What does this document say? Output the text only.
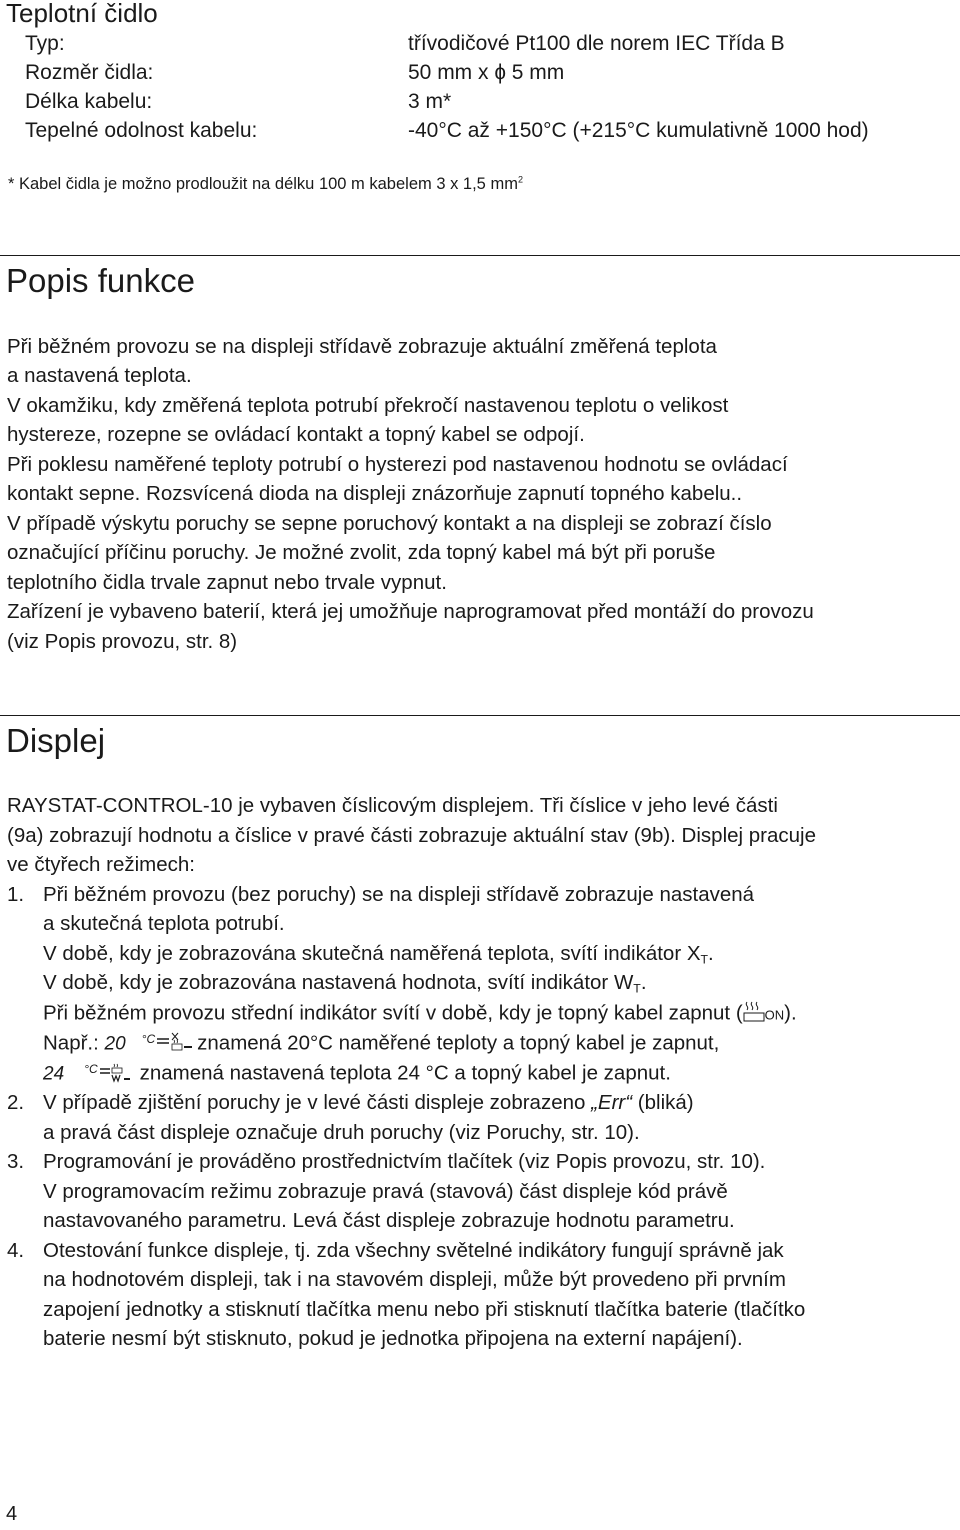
Teplotní čidlo
Typ:	třívodičové Pt100 dle norem IEC Třída B
Rozměr čidla:	50 mm x ɸ 5 mm
Délka kabelu:	3 m*
Tepelné odolnost kabelu:	-40°C až +150°C (+215°C kumulativně 1000 hod)
* Kabel čidla je možno prodloužit na délku 100 m kabelem 3 x 1,5 $mm^2$
Popis funkce
Při běžném provozu se na displeji střídavě zobrazuje aktuální změřená teplota
a nastavená teplota.
V okamžiku, kdy změřená teplota potrubí překročí nastavenou teplotu o velikost
hystereze, rozepne se ovládací kontakt a topný kabel se odpojí.
Při poklesu naměřené teploty potrubí o hysterezi pod nastavenou hodnotu se ovládací
kontakt sepne. Rozsvícená dioda na displeji znázorňuje zapnutí topného kabelu..
V případě výskytu poruchy se sepne poruchový kontakt a na displeji se zobrazí číslo
označující příčinu poruchy. Je možné zvolit, zda topný kabel má být při poruše
teplotního čidla trvale zapnut nebo trvale vypnut.
Zařízení je vybaveno baterií, která jej umožňuje naprogramovat před montáží do provozu
(viz Popis provozu, str. 8)
Displej
RAYSTAT-CONTROL-10 je vybaven číslicovým displejem. Tři číslice v jeho levé části
(9a) zobrazují hodnotu a číslice v pravé části zobrazuje aktuální stav (9b). Displej pracuje
ve čtyřech režimech:
1. Při běžném provozu (bez poruchy) se na displeji střídavě zobrazuje nastavená
a skutečná teplota potrubí.
V době, kdy je zobrazována skutečná naměřená teplota, svítí indikátor $X_T$.
V době, kdy je zobrazována nastavená hodnota, svítí indikátor $W_T$.
Při běžném provozu střední indikátor svítí v době, kdy je topný kabel zapnut ( ON).
Např.: 20 $^{^\circ C}$ znamená 20°C naměřené teploty a topný kabel je zapnut,
24 $^{^\circ C}$ znamená nastavená teplota 24 °C a topný kabel je zapnut.
2. V případě zjištění poruchy je v levé části displeje zobrazeno „Err“ (bliká)
a pravá část displeje označuje druh poruchy (viz Poruchy, str. 10).
3. Programování je prováděno prostřednictvím tlačítek (viz Popis provozu, str. 10).
V programovacím režimu zobrazuje pravá (stavová) část displeje kód právě
nastavovaného parametru. Levá část displeje zobrazuje hodnotu parametru.
4. Otestování funkce displeje, tj. zda všechny světelné indikátory fungují správně jak
na hodnotovém displeji, tak i na stavovém displeji, může být provedeno při prvním
zapojení jednotky a stisknutí tlačítka menu nebo při stisknutí tlačítka baterie (tlačítko
baterie nesmí být stisknuto, pokud je jednotka připojena na externí napájení).
4
